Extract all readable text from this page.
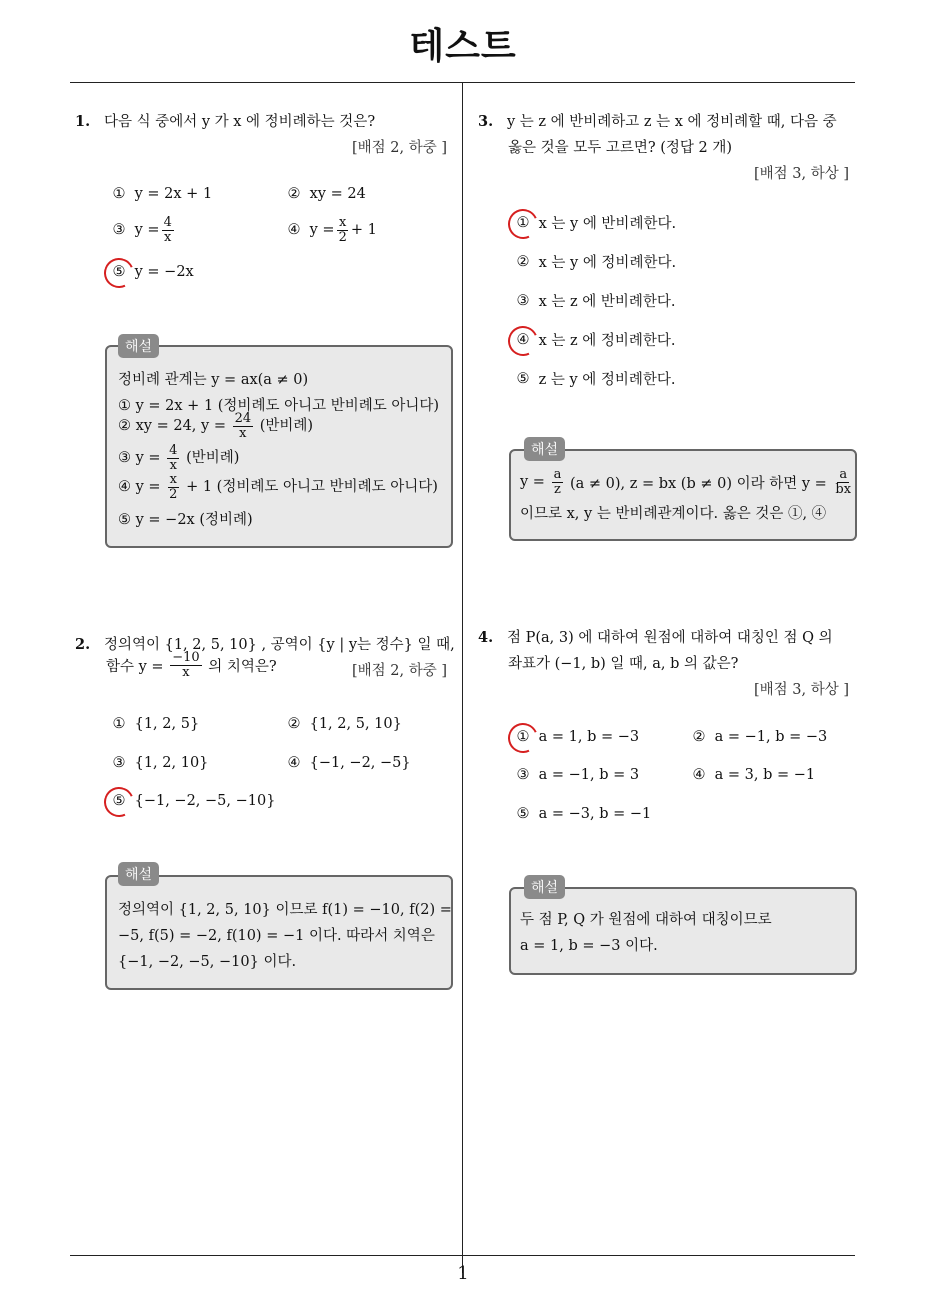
테스트
1. 다음 식 중에서 y 가 x 에 정비례하는 것은?
[배점 2, 하중 ]
①
y = 2x + 1	②
xy = 24
③
$y = \frac{4}{x}$	④
$y = \frac{x}{2} + 1$
⑤
y = −2x
해설
정비례 관계는 y = ax(a ≠ 0)
① y = 2x + 1 (정비례도 아니고 반비례도 아니다)
② xy = 24, $y = \frac{24}{x}$ (반비례)
③ $y = \frac{4}{x}$ (반비례)
④ $y = \frac{x}{2} + 1$ (정비례도 아니고 반비례도 아니다)
⑤ y = −2x (정비례)
2. 정의역이 {1, 2, 5, 10} , 공역이 {y | y는 정수} 일 때,
함수 y =
$\frac{-10}{x}$
의 치역은?	[배점 2, 하중 ]
①
{1, 2, 5}	②
{1, 2, 5, 10}
③
{1, 2, 10}	④
{−1, −2, −5}
⑤
{−1, −2, −5, −10}
해설
정의역이 {1, 2, 5, 10} 이므로 f(1) = −10, f(2) =
−5, f(5) = −2, f(10) = −1 이다. 따라서 치역은
{−1, −2, −5, −10} 이다.
3. y 는 z 에 반비례하고 z 는 x 에 정비례할 때, 다음 중
옳은 것을 모두 고르면? (정답 2 개)
[배점 3, 하상 ]
①
x 는 y 에 반비례한다.
②
x 는 y 에 정비례한다.
③
x 는 z 에 반비례한다.
④
x 는 z 에 정비례한다.
⑤
z 는 y 에 정비례한다.
해설
y =
$\frac{a}{z}$
(a ≠ 0), z = bx (b ≠ 0) 이라 하면 y =
$\frac{a}{bx}$
이므로 x, y 는 반비례관계이다. 옳은 것은 ①, ④
4. 점 P(a, 3) 에 대하여 원점에 대하여 대칭인 점 Q 의
좌표가 (−1, b) 일 때, a, b 의 값은?
[배점 3, 하상 ]
①
a = 1, b = −3	②
a = −1, b = −3
③
a = −1, b = 3	④
a = 3, b = −1
⑤
a = −3, b = −1
해설
두 점 P, Q 가 원점에 대하여 대칭이므로
a = 1, b = −3 이다.
1
